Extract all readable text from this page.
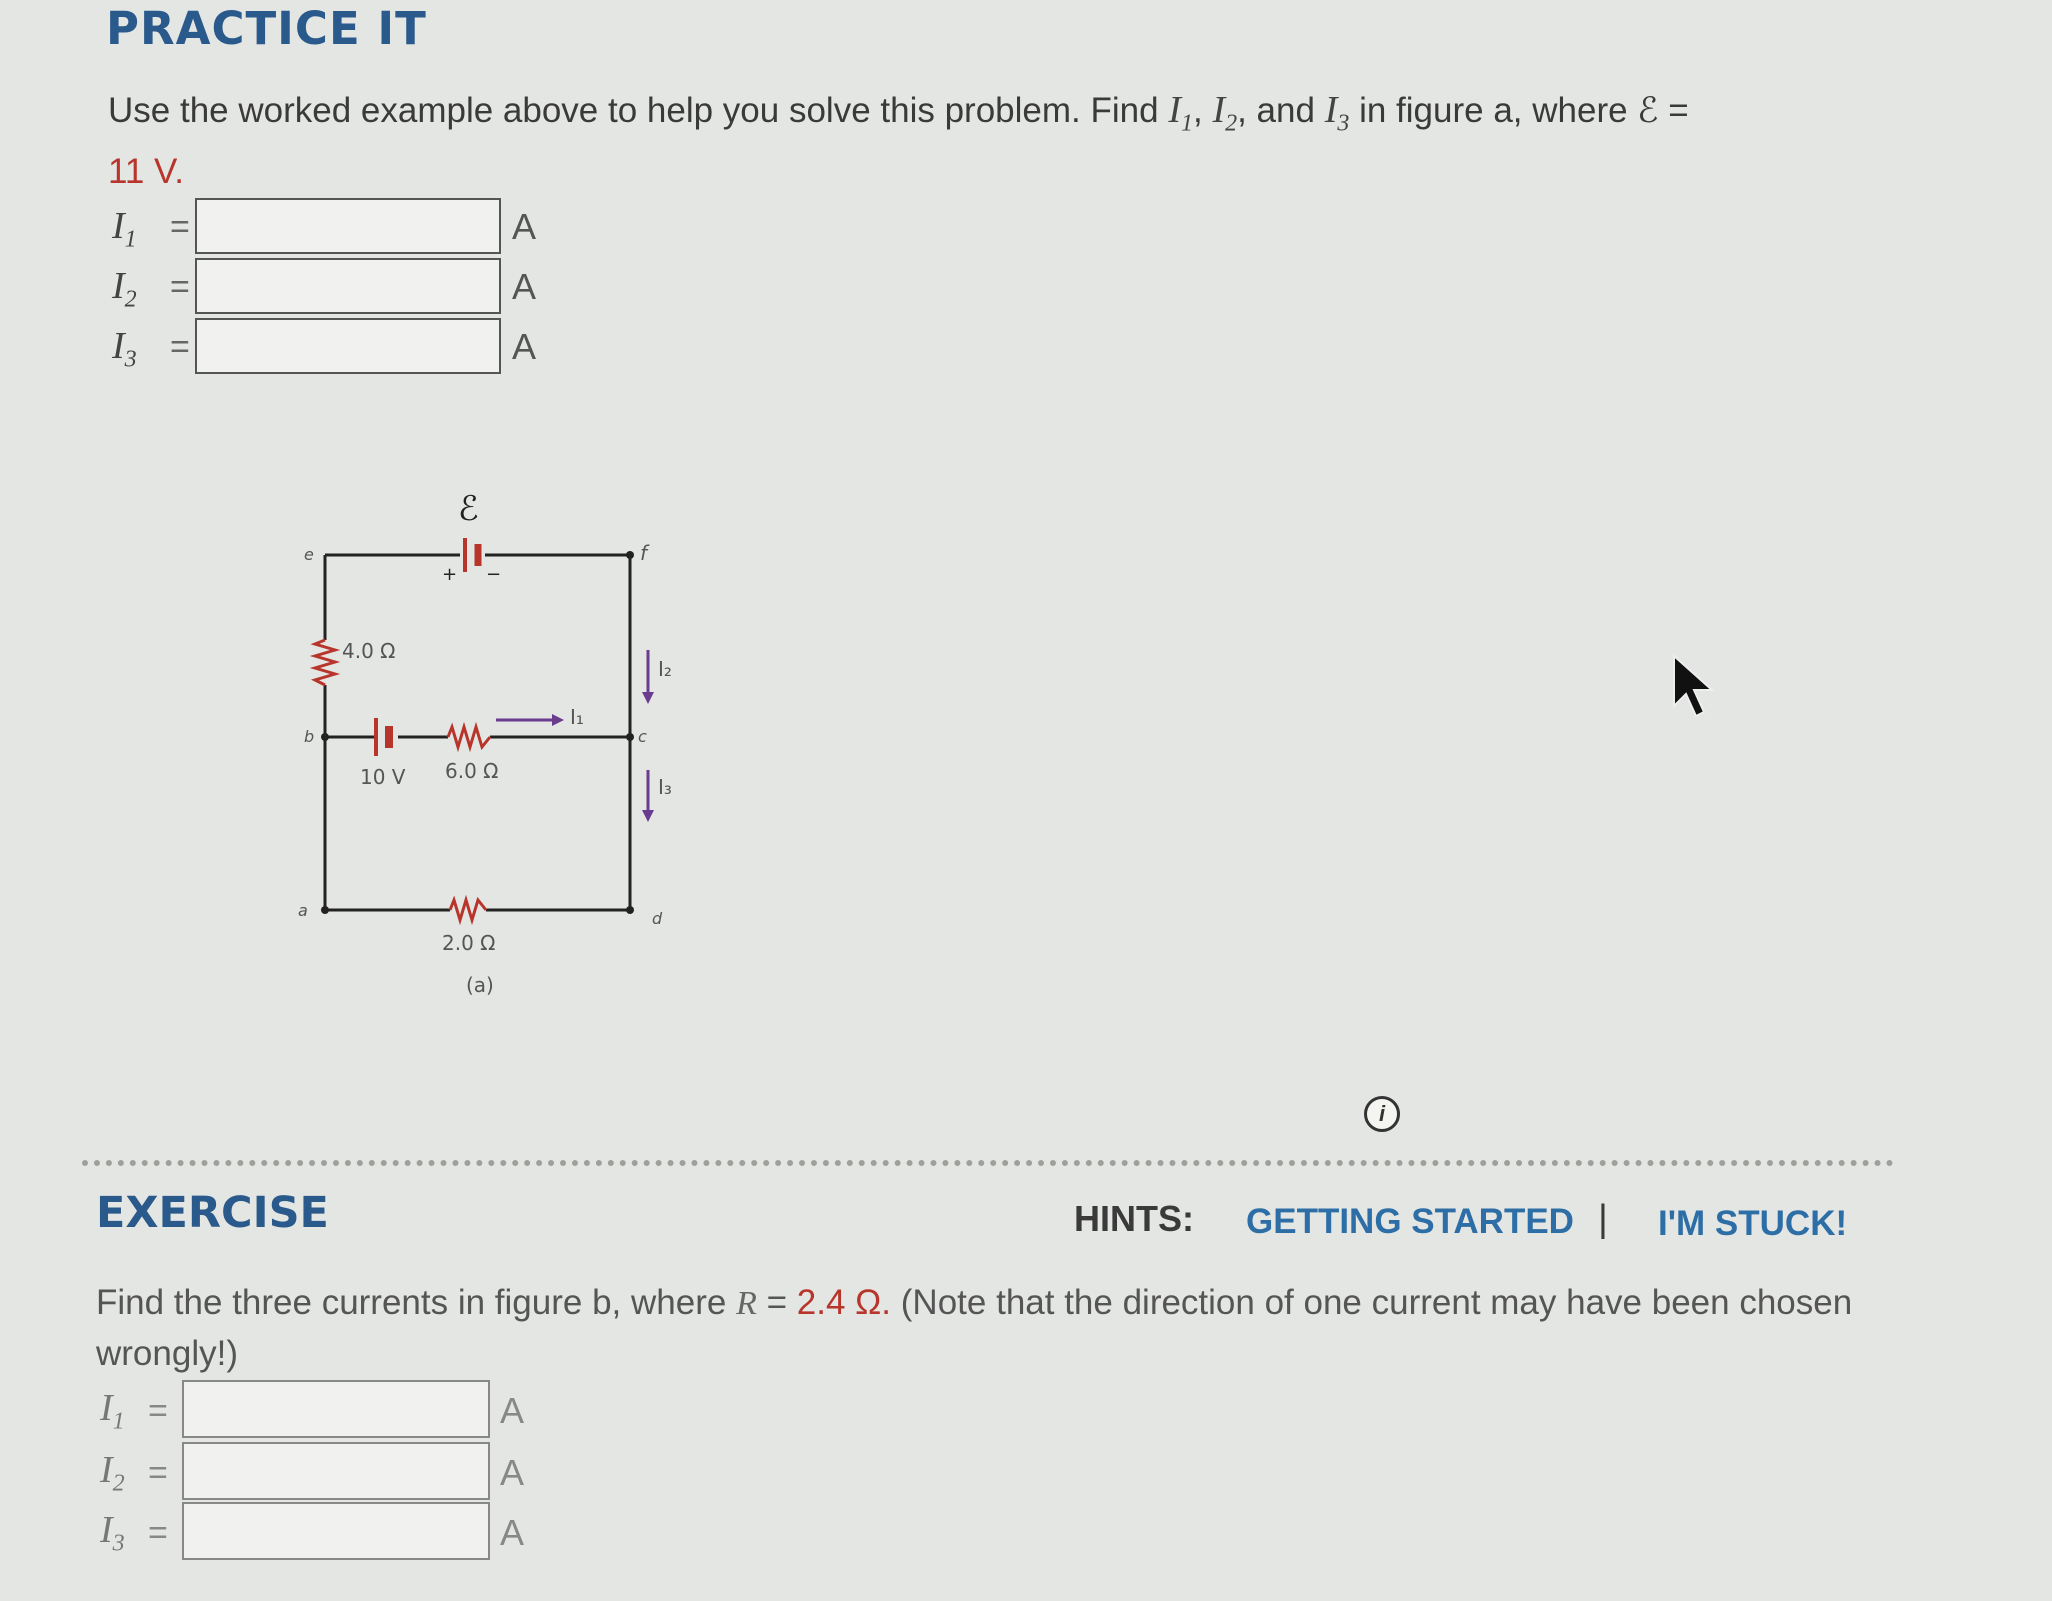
PRACTICE IT
Use the worked example above to help you solve this problem. Find $I_1$, $I_2$, and $I_3$ in figure a, where ℰ =
11 V.
$I_1$ =	A
$I_2$ =	A
$I_3$ =	A
ℰ
+ −
4.0 Ω
10 V 6.0 Ω
I₁
2.0 Ω
(a)
I₂
I₃
e	f
b	c
a	d
i
EXERCISE	HINTS: GETTING STARTED | I'M STUCK!
Find the three currents in figure b, where R = 2.4 Ω. (Note that the direction of one current may have been chosen wrongly!)
$I_1$ =	A
$I_2$ =	A
$I_3$ =	A
